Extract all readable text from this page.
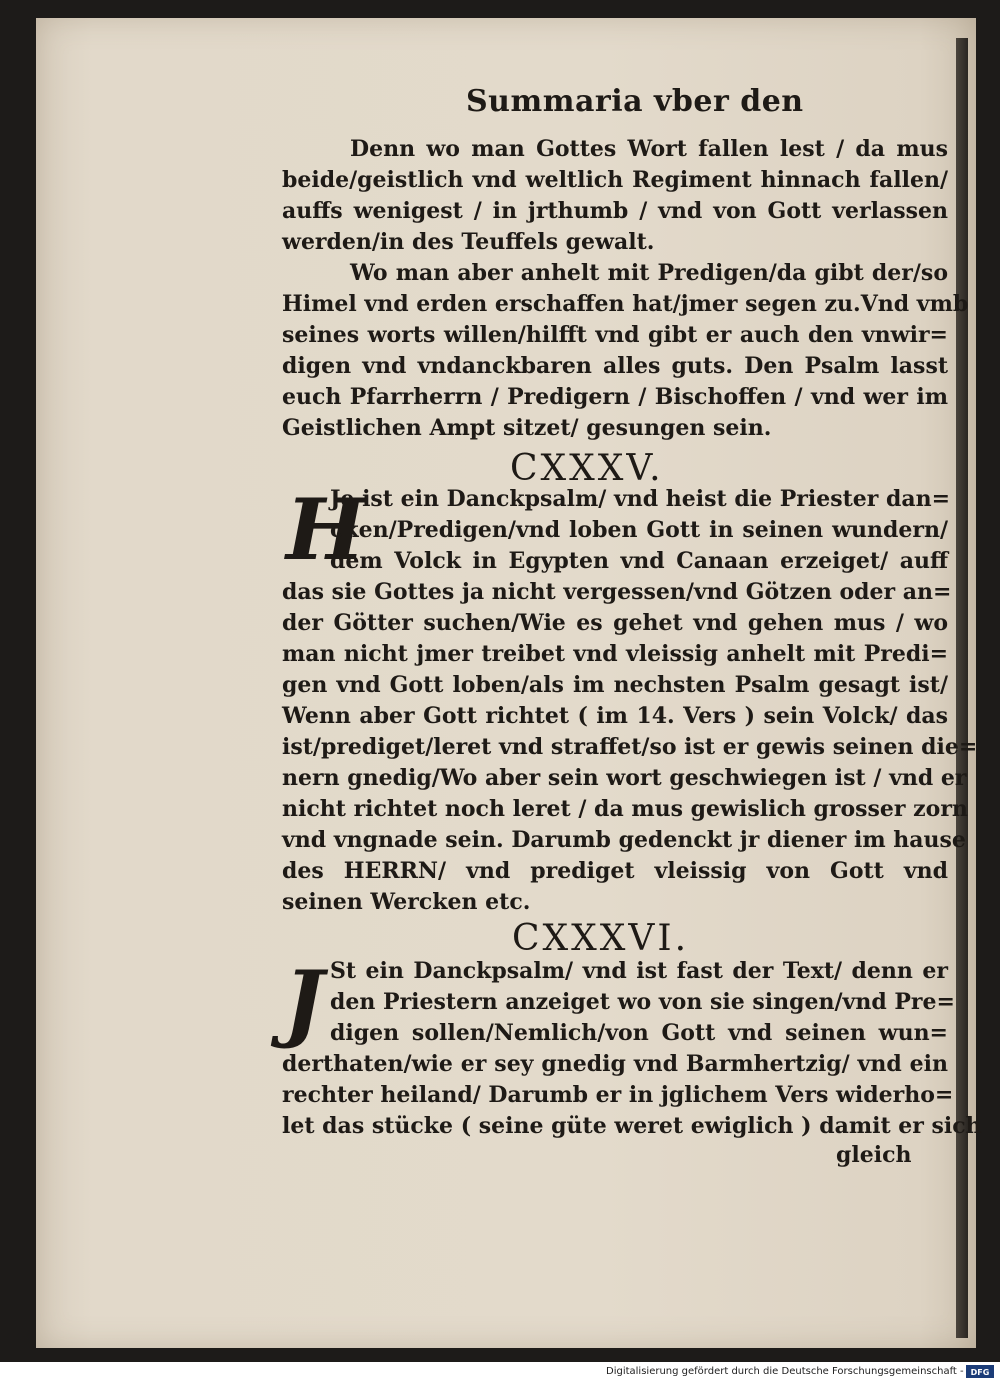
Summaria vber den
Denn wo man Gottes Wort fallen lest / da mus
beide/geistlich vnd weltlich Regiment hinnach fallen/
auffs wenigest / in jrthumb / vnd von Gott verlassen
werden/in des Teuffels gewalt.
Wo man aber anhelt mit Predigen/da gibt der/so
Himel vnd erden erschaffen hat/jmer segen zu.Vnd vmb
seines worts willen/hilfft vnd gibt er auch den vnwir=
digen vnd vndanckbaren alles guts. Den Psalm lasst
euch Pfarrherrn / Predigern / Bischoffen / vnd wer im
Geistlichen Ampt sitzet/ gesungen sein.
CXXXV.
H
Je ist ein Danckpsalm/ vnd heist die Priester dan=
cken/Predigen/vnd loben Gott in seinen wundern/
dem Volck in Egypten vnd Canaan erzeiget/ auff
das sie Gottes ja nicht vergessen/vnd Götzen oder an=
der Götter suchen/Wie es gehet vnd gehen mus / wo
man nicht jmer treibet vnd vleissig anhelt mit Predi=
gen vnd Gott loben/als im nechsten Psalm gesagt ist/
Wenn aber Gott richtet ( im 14. Vers ) sein Volck/ das
ist/prediget/leret vnd straffet/so ist er gewis seinen die=
nern gnedig/Wo aber sein wort geschwiegen ist / vnd er
nicht richtet noch leret / da mus gewislich grosser zorn
vnd vngnade sein. Darumb gedenckt jr diener im hause
des HERRN/ vnd prediget vleissig von Gott vnd
seinen Wercken etc.
CXXXVI.
J St ein Danckpsalm/ vnd ist fast der Text/ denn er
den Priestern anzeiget wo von sie singen/vnd Pre=
digen sollen/Nemlich/von Gott vnd seinen wun=
derthaten/wie er sey gnedig vnd Barmhertzig/ vnd ein
rechter heiland/ Darumb er in jglichem Vers widerho=
let das stücke ( seine güte weret ewiglich ) damit er sich
gleich
Digitalisierung gefördert durch die Deutsche Forschungsgemeinschaft - DFG
